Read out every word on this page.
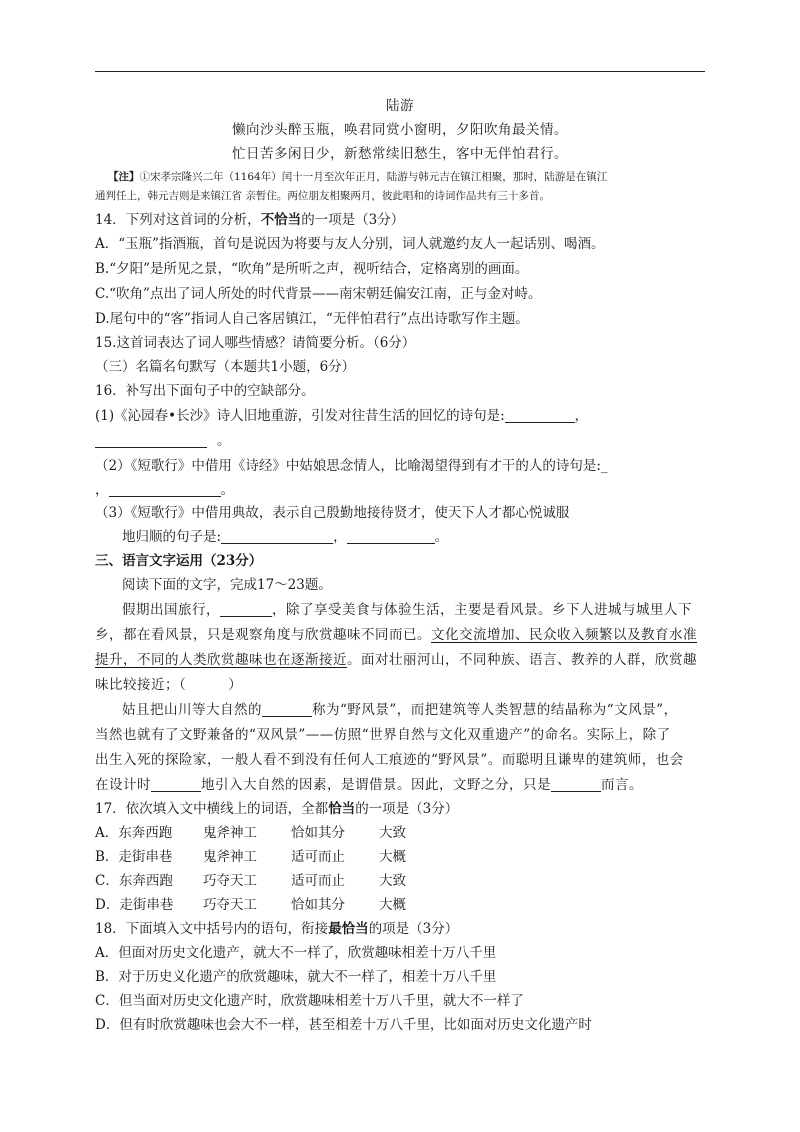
陆游
懒向沙头醉玉瓶，唤君同赏小窗明，夕阳吹角最关情。
忙日苦多闲日少，新愁常续旧愁生，客中无伴怕君行。
【注】①宋孝宗隆兴二年（1164年）闰十一月至次年正月，陆游与韩元吉在镇江相聚，那时，陆游是在镇江
通判任上，韩元吉则是来镇江省 亲暂住。两位朋友相聚两月，彼此唱和的诗词作品共有三十多首。
14．下列对这首词的分析，不恰当的一项是（3分）
A．“玉瓶”指酒瓶，首句是说因为将要与友人分别，词人就邀约友人一起话别、喝酒。
B.“夕阳”是所见之景，“吹角”是所听之声，视听结合，定格离别的画面。
C.“吹角”点出了词人所处的时代背景——南宋朝廷偏安江南，正与金对峙。
D.尾句中的“客”指词人自己客居镇江，“无伴怕君行”点出诗歌写作主题。
15.这首词表达了词人哪些情感？请简要分析。（6分）
（三）名篇名句默写（本题共1小题，6分）
16．补写出下面句子中的空缺部分。
(1)《沁园春•长沙》诗人旧地重游，引发对往昔生活的回忆的诗句是:	，
。
（2）《短歌行》中借用《诗经》中姑娘思念情人，比喻渴望得到有才干的人的诗句是:_
，	。
（3）《短歌行》中借用典故，表示自己殷勤地接待贤才，使天下人才都心悦诚服
地归顺的句子是:	，	。
三、语言文字运用（23分）
阅读下面的文字，完成17～23题。
假期出国旅行，	，除了享受美食与体验生活，主要是看风景。乡下人进城与城里人下
乡，都在看风景，只是观察角度与欣赏趣味不同而已。文化交流增加、民众收入频繁以及教育水准
提升，不同的人类欣赏趣味也在逐渐接近。面对壮丽河山，不同种族、语言、教养的人群，欣赏趣
味比较接近；（　　　）
姑且把山川等大自然的	称为“野风景”，而把建筑等人类智慧的结晶称为“文风景”，
当然也就有了文野兼备的“双风景”——仿照“世界自然与文化双重遗产”的命名。实际上，除了
出生入死的探险家，一般人看不到没有任何人工痕迹的“野风景”。而聪明且谦卑的建筑师，也会
在设计时	地引入大自然的因素，是谓借景。因此，文野之分，只是	而言。
17．依次填入文中横线上的词语，全都恰当的一项是（3分）
A．东奔西跑 鬼斧神工	恰如其分	大致
B．走街串巷 鬼斧神工	适可而止	大概
C．东奔西跑 巧夺天工	适可而止	大致
D．走街串巷 巧夺天工	恰如其分	大概
18．下面填入文中括号内的语句，衔接最恰当的项是（3分）
A．但面对历史文化遗产，就大不一样了，欣赏趣味相差十万八千里
B．对于历史义化遗产的欣赏趣味，就大不一样了，相差十万八千里
C．但当面对历史文化遗产时，欣赏趣味相差十万八千里，就大不一样了
D．但有时欣赏趣味也会大不一样，甚至相差十万八千里，比如面对历史文化遗产时
